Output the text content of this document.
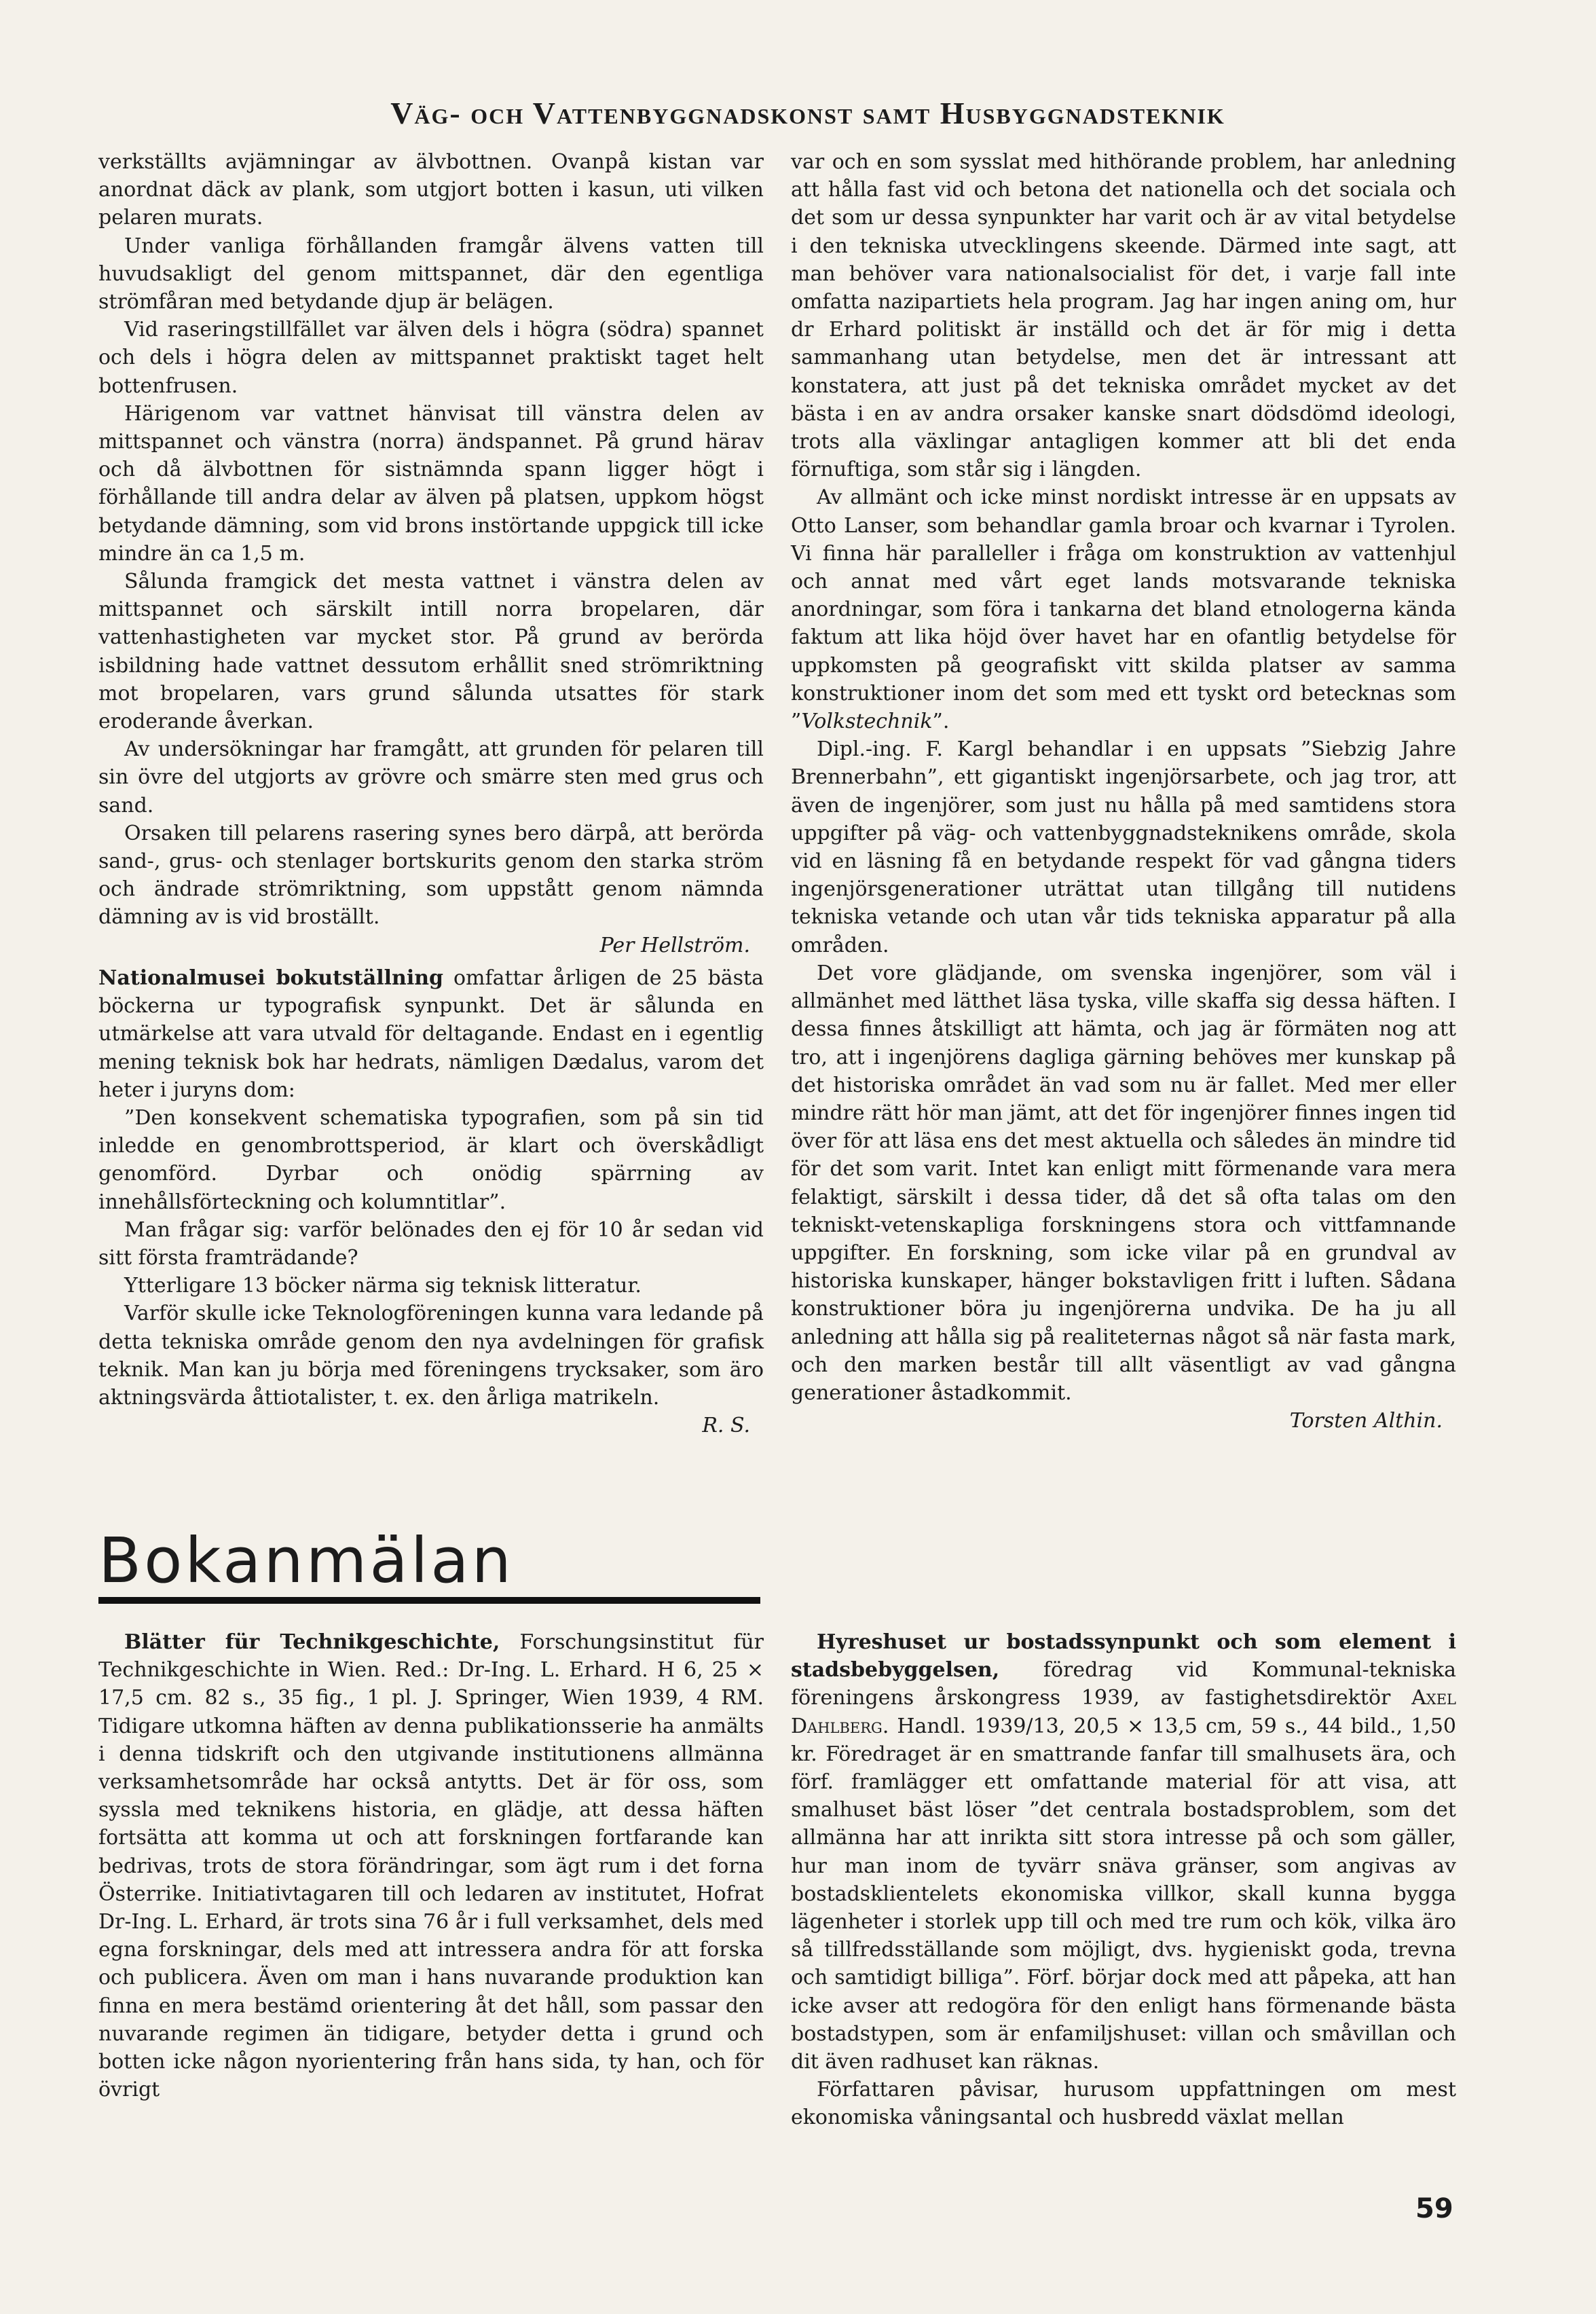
Väg- och Vattenbyggnadskonst samt Husbyggnadsteknik

verkställts avjämningar av älvbottnen. Ovanpå kistan var anordnat däck av plank, som utgjort botten i kasun, uti vilken pelaren murats.

Under vanliga förhållanden framgår älvens vatten till huvudsakligt del genom mittspannet, där den egentliga strömfåran med betydande djup är belägen.

Vid raseringstillfället var älven dels i högra (södra) spannet och dels i högra delen av mittspannet praktiskt taget helt bottenfrusen.

Härigenom var vattnet hänvisat till vänstra delen av mittspannet och vänstra (norra) ändspannet. På grund härav och då älvbottnen för sistnämnda spann ligger högt i förhållande till andra delar av älven på platsen, uppkom högst betydande dämning, som vid brons instörtande uppgick till icke mindre än ca 1,5 m.

Sålunda framgick det mesta vattnet i vänstra delen av mittspannet och särskilt intill norra bropelaren, där vattenhastigheten var mycket stor. På grund av berörda isbildning hade vattnet dessutom erhållit sned strömriktning mot bropelaren, vars grund sålunda utsattes för stark eroderande åverkan.

Av undersökningar har framgått, att grunden för pelaren till sin övre del utgjorts av grövre och smärre sten med grus och sand.

Orsaken till pelarens rasering synes bero därpå, att berörda sand-, grus- och stenlager bortskurits genom den starka ström och ändrade strömriktning, som uppstått genom nämnda dämning av is vid broställt.

Per Hellström.

Nationalmusei bokutställning omfattar årligen de 25 bästa böckerna ur typografisk synpunkt. Det är sålunda en utmärkelse att vara utvald för deltagande. Endast en i egentlig mening teknisk bok har hedrats, nämligen Dædalus, varom det heter i juryns dom:

”Den konsekvent schematiska typografien, som på sin tid inledde en genombrottsperiod, är klart och överskådligt genomförd. Dyrbar och onödig spärrning av innehållsförteckning och kolumntitlar”.

Man frågar sig: varför belönades den ej för 10 år sedan vid sitt första framträdande?

Ytterligare 13 böcker närma sig teknisk litteratur.

Varför skulle icke Teknologföreningen kunna vara ledande på detta tekniska område genom den nya avdelningen för grafisk teknik. Man kan ju börja med föreningens trycksaker, som äro aktningsvärda åttiotalister, t. ex. den årliga matrikeln.

R. S.

var och en som sysslat med hithörande problem, har anledning att hålla fast vid och betona det nationella och det sociala och det som ur dessa synpunkter har varit och är av vital betydelse i den tekniska utvecklingens skeende. Därmed inte sagt, att man behöver vara nationalsocialist för det, i varje fall inte omfatta nazipartiets hela program. Jag har ingen aning om, hur dr Erhard politiskt är inställd och det är för mig i detta sammanhang utan betydelse, men det är intressant att konstatera, att just på det tekniska området mycket av det bästa i en av andra orsaker kanske snart dödsdömd ideologi, trots alla växlingar antagligen kommer att bli det enda förnuftiga, som står sig i längden.

Av allmänt och icke minst nordiskt intresse är en uppsats av Otto Lanser, som behandlar gamla broar och kvarnar i Tyrolen. Vi finna här paralleller i fråga om konstruktion av vattenhjul och annat med vårt eget lands motsvarande tekniska anordningar, som föra i tankarna det bland etnologerna kända faktum att lika höjd över havet har en ofantlig betydelse för uppkomsten på geografiskt vitt skilda platser av samma konstruktioner inom det som med ett tyskt ord betecknas som ”Volkstechnik”.

Dipl.-ing. F. Kargl behandlar i en uppsats ”Siebzig Jahre Brennerbahn”, ett gigantiskt ingenjörsarbete, och jag tror, att även de ingenjörer, som just nu hålla på med samtidens stora uppgifter på väg- och vattenbyggnadsteknikens område, skola vid en läsning få en betydande respekt för vad gångna tiders ingenjörsgenerationer uträttat utan tillgång till nutidens tekniska vetande och utan vår tids tekniska apparatur på alla områden.

Det vore glädjande, om svenska ingenjörer, som väl i allmänhet med lätthet läsa tyska, ville skaffa sig dessa häften. I dessa finnes åtskilligt att hämta, och jag är förmäten nog att tro, att i ingenjörens dagliga gärning behöves mer kunskap på det historiska området än vad som nu är fallet. Med mer eller mindre rätt hör man jämt, att det för ingenjörer finnes ingen tid över för att läsa ens det mest aktuella och således än mindre tid för det som varit. Intet kan enligt mitt förmenande vara mera felaktigt, särskilt i dessa tider, då det så ofta talas om den tekniskt-vetenskapliga forskningens stora och vittfamnande uppgifter. En forskning, som icke vilar på en grundval av historiska kunskaper, hänger bokstavligen fritt i luften. Sådana konstruktioner böra ju ingenjörerna undvika. De ha ju all anledning att hålla sig på realiteternas något så när fasta mark, och den marken består till allt väsentligt av vad gångna generationer åstadkommit.

Torsten Althin.
Bokanmälan

Blätter für Technikgeschichte, Forschungsinstitut für Technikgeschichte in Wien. Red.: Dr-Ing. L. Erhard. H 6, 25 × 17,5 cm. 82 s., 35 fig., 1 pl. J. Springer, Wien 1939, 4 RM. Tidigare utkomna häften av denna publikationsserie ha anmälts i denna tidskrift och den utgivande institutionens allmänna verksamhetsområde har också antytts. Det är för oss, som syssla med teknikens historia, en glädje, att dessa häften fortsätta att komma ut och att forskningen fortfarande kan bedrivas, trots de stora förändringar, som ägt rum i det forna Österrike. Initiativtagaren till och ledaren av institutet, Hofrat Dr-Ing. L. Erhard, är trots sina 76 år i full verksamhet, dels med egna forskningar, dels med att intressera andra för att forska och publicera. Även om man i hans nuvarande produktion kan finna en mera bestämd orientering åt det håll, som passar den nuvarande regimen än tidigare, betyder detta i grund och botten icke någon nyorientering från hans sida, ty han, och för övrigt

Hyreshuset ur bostadssynpunkt och som element i stadsbebyggelsen, föredrag vid Kommunal-tekniska föreningens årskongress 1939, av fastighetsdirektör Axel Dahlberg. Handl. 1939/13, 20,5 × 13,5 cm, 59 s., 44 bild., 1,50 kr. Föredraget är en smattrande fanfar till smalhusets ära, och förf. framlägger ett omfattande material för att visa, att smalhuset bäst löser ”det centrala bostadsproblem, som det allmänna har att inrikta sitt stora intresse på och som gäller, hur man inom de tyvärr snäva gränser, som angivas av bostadsklientelets ekonomiska villkor, skall kunna bygga lägenheter i storlek upp till och med tre rum och kök, vilka äro så tillfredsställande som möjligt, dvs. hygieniskt goda, trevna och samtidigt billiga”. Förf. börjar dock med att påpeka, att han icke avser att redogöra för den enligt hans förmenande bästa bostadstypen, som är enfamiljshuset: villan och småvillan och dit även radhuset kan räknas.

Författaren påvisar, hurusom uppfattningen om mest ekonomiska våningsantal och husbredd växlat mellan

59
